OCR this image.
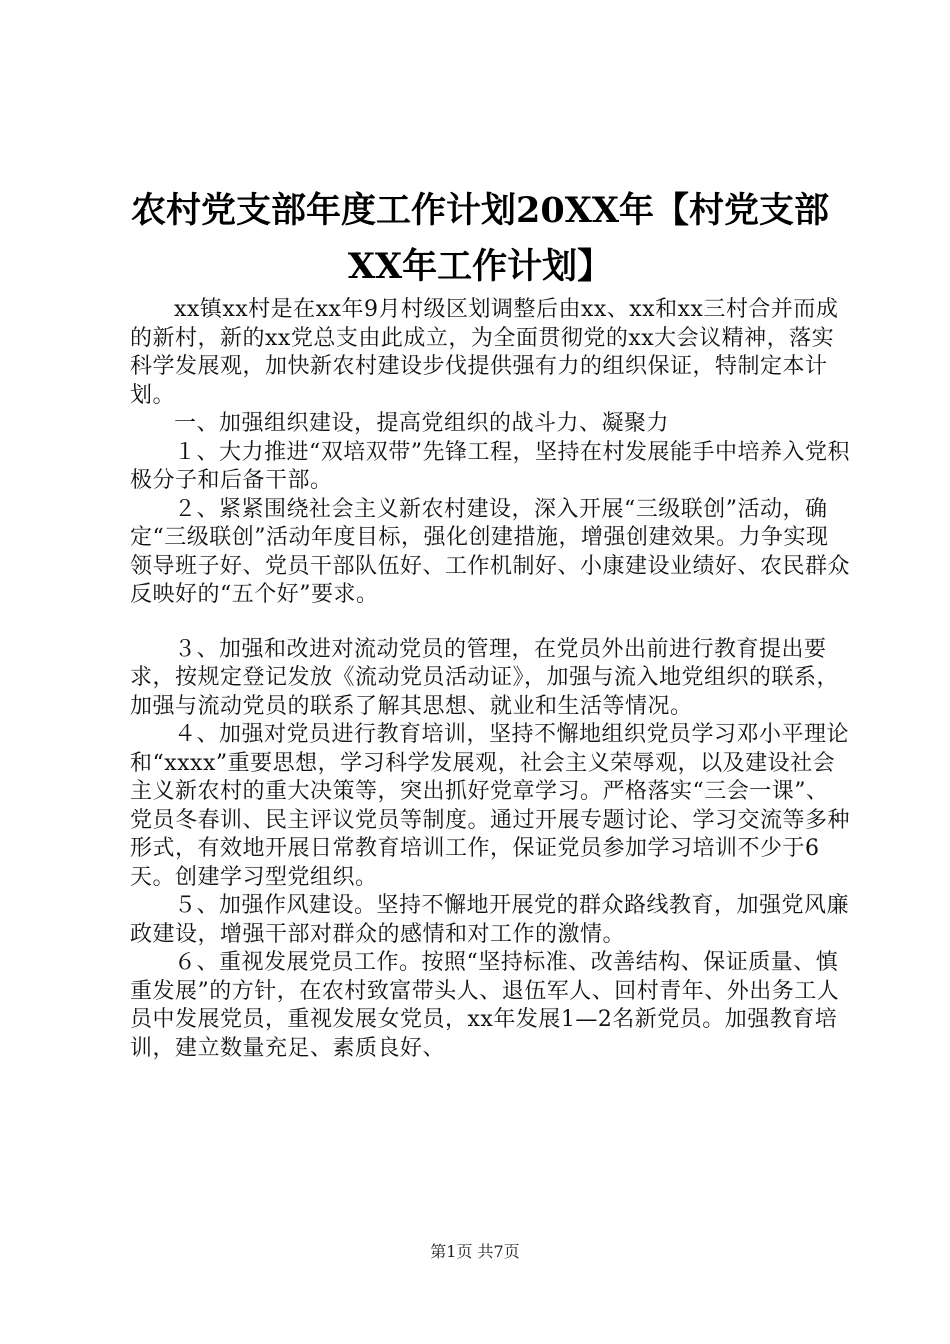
农村党支部年度工作计划20XX年【村党支部
XX年工作计划】

xx镇xx村是在xx年9月村级区划调整后由xx、xx和xx三村合并而成的新村，新的xx党总支由此成立，为全面贯彻党的xx大会议精神，落实科学发展观，加快新农村建设步伐提供强有力的组织保证，特制定本计划。

一、加强组织建设，提高党组织的战斗力、凝聚力

１、大力推进“双培双带”先锋工程，坚持在村发展能手中培养入党积极分子和后备干部。

２、紧紧围绕社会主义新农村建设，深入开展“三级联创”活动，确定“三级联创”活动年度目标，强化创建措施，增强创建效果。力争实现领导班子好、党员干部队伍好、工作机制好、小康建设业绩好、农民群众反映好的“五个好”要求。

３、加强和改进对流动党员的管理，在党员外出前进行教育提出要求，按规定登记发放《流动党员活动证》，加强与流入地党组织的联系，加强与流动党员的联系了解其思想、就业和生活等情况。

４、加强对党员进行教育培训，坚持不懈地组织党员学习邓小平理论和“xxxx”重要思想，学习科学发展观，社会主义荣辱观，以及建设社会主义新农村的重大决策等，突出抓好党章学习。严格落实“三会一课”、党员冬春训、民主评议党员等制度。通过开展专题讨论、学习交流等多种形式，有效地开展日常教育培训工作，保证党员参加学习培训不少于6天。创建学习型党组织。

５、加强作风建设。坚持不懈地开展党的群众路线教育，加强党风廉政建设，增强干部对群众的感情和对工作的激情。

６、重视发展党员工作。按照“坚持标准、改善结构、保证质量、慎重发展”的方针，在农村致富带头人、退伍军人、回村青年、外出务工人员中发展党员，重视发展女党员，xx年发展1—2名新党员。加强教育培训，建立数量充足、素质良好、

第1页 共7页
